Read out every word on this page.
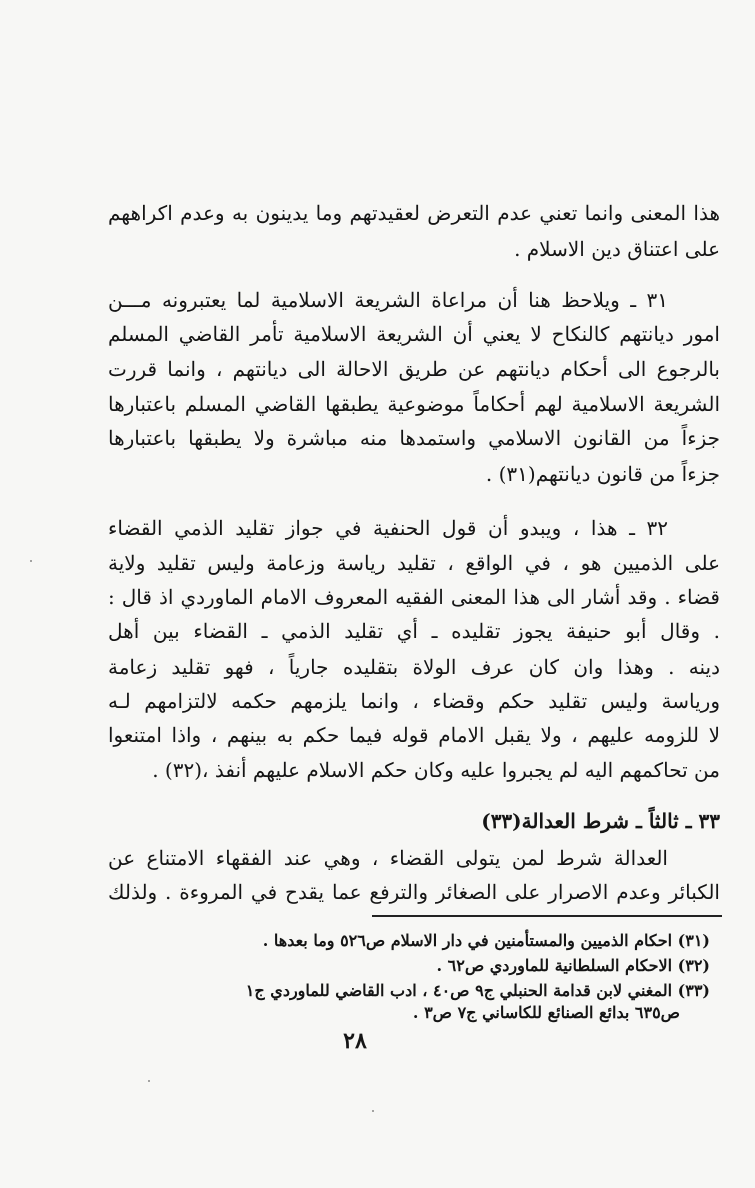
هذا المعنى وانما تعني عدم التعرض لعقيدتهم وما يدينون به وعدم اكراههم
على اعتناق دين الاسلام .
٣١ ـ ويلاحظ هنا أن مراعاة الشريعة الاسلامية لما يعتبرونه مـــن
امور ديانتهم كالنكاح لا يعني أن الشريعة الاسلامية تأمر القاضي المسلم
بالرجوع الى أحكام ديانتهم عن طريق الاحالة الى ديانتهم ، وانما قررت
الشريعة الاسلامية لهم أحكاماً موضوعية يطبقها القاضي المسلم باعتبارها
جزءاً من القانون الاسلامي واستمدها منه مباشرة ولا يطبقها باعتبارها
جزءاً من قانون ديانتهم(٣١) .
٣٢ ـ هذا ، ويبدو أن قول الحنفية في جواز تقليد الذمي القضاء
على الذميين هو ، في الواقع ، تقليد رياسة وزعامة وليس تقليد ولاية
قضاء . وقد أشار الى هذا المعنى الفقيه المعروف الامام الماوردي اذ قال :
. وقال أبو حنيفة يجوز تقليده ـ أي تقليد الذمي ـ القضاء بين أهل
دينه . وهذا وان كان عرف الولاة بتقليده جارياً ، فهو تقليد زعامة
ورياسة وليس تقليد حكم وقضاء ، وانما يلزمهم حكمه لالتزامهم لـه
لا للزومه عليهم ، ولا يقبل الامام قوله فيما حكم به بينهم ، واذا امتنعوا
من تحاكمهم اليه لم يجبروا عليه وكان حكم الاسلام عليهم أنفذ ،(٣٢) .
٣٣ ـ ثالثاً ـ شرط العدالة(٣٣)
العدالة شرط لمن يتولى القضاء ، وهي عند الفقهاء الامتناع عن
الكبائر وعدم الاصرار على الصغائر والترفع عما يقدح في المروءة . ولذلك
(٣١) احكام الذميين والمستأمنين في دار الاسلام ص٥٢٦ وما بعدها .
(٣٢) الاحكام السلطانية للماوردي ص٦٢ .
(٣٣) المغني لابن قدامة الحنبلي ج٩ ص٤٠ ، ادب القاضي للماوردي ج١
ص٦٣٥ بدائع الصنائع للكاساني ج٧ ص٣ .
٢٨
